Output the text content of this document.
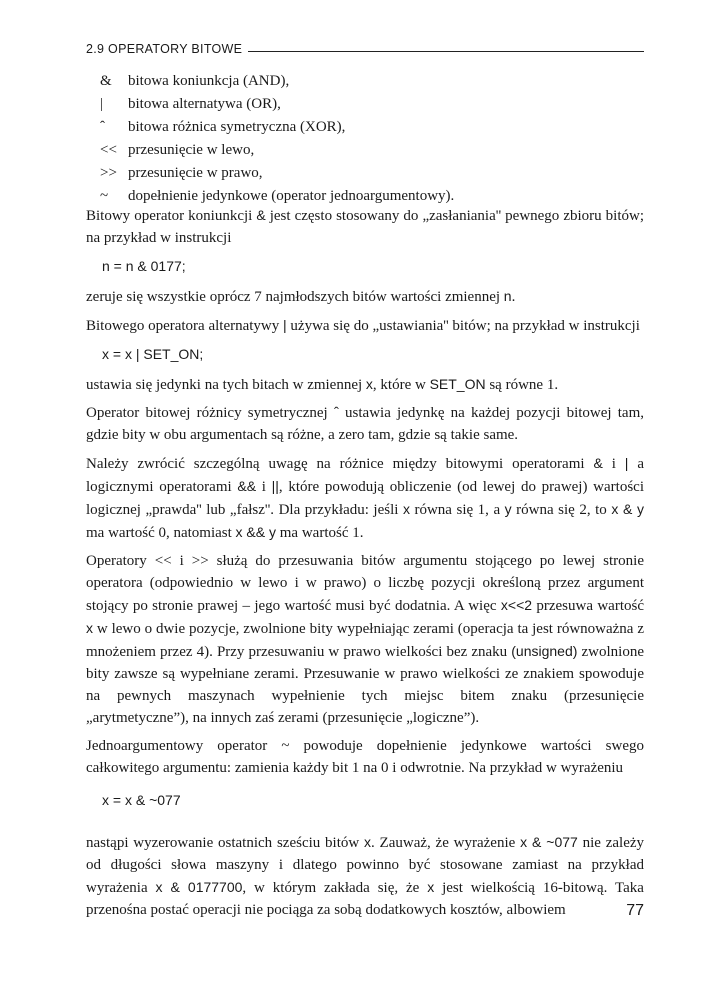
2.9 OPERATORY BITOWE
&	bitowa koniunkcja (AND),
|	bitowa alternatywa (OR),
ˆ	bitowa różnica symetryczna (XOR),
<< przesunięcie w lewo,
>> przesunięcie w prawo,
~	dopełnienie jedynkowe (operator jednoargumentowy).

Bitowy operator koniunkcji & jest często stosowany do „zasłaniania'' pewnego zbioru bitów; na przykład w instrukcji

n = n & 0177;

zeruje się wszystkie oprócz 7 najmłodszych bitów wartości zmiennej n.

Bitowego operatora alternatywy | używa się do „ustawiania'' bitów; na przykład w instrukcji

x = x | SET_ON;

ustawia się jedynki na tych bitach w zmiennej x, które w SET_ON są równe 1.

Operator bitowej różnicy symetrycznej ˆ ustawia jedynkę na każdej pozycji bitowej tam, gdzie bity w obu argumentach są różne, a zero tam, gdzie są takie same.

Należy zwrócić szczególną uwagę na różnice między bitowymi operatorami & i | a logicznymi operatorami && i ||, które powodują obliczenie (od lewej do prawej) wartości logicznej „prawda'' lub „fałsz''. Dla przykładu: jeśli x równa się 1, a y równa się 2, to x & y ma wartość 0, natomiast x && y ma wartość 1.

Operatory << i >> służą do przesuwania bitów argumentu stojącego po lewej stronie operatora (odpowiednio w lewo i w prawo) o liczbę pozycji określoną przez argument stojący po stronie prawej – jego wartość musi być dodatnia. A więc x<<2 przesuwa wartość x w lewo o dwie pozycje, zwolnione bity wypełniając zerami (operacja ta jest równoważna z mnożeniem przez 4). Przy przesuwaniu w prawo wielkości bez znaku (unsigned) zwolnione bity zawsze są wypełniane zerami. Przesuwanie w prawo wielkości ze znakiem spowoduje na pewnych maszynach wypełnienie tych miejsc bitem znaku (przesunięcie „arytmetyczne”), na innych zaś zerami (przesunięcie „logiczne”).

Jednoargumentowy operator ~ powoduje dopełnienie jedynkowe wartości swego całkowitego argumentu: zamienia każdy bit 1 na 0 i odwrotnie. Na przykład w wyrażeniu

x = x & ~077

nastąpi wyzerowanie ostatnich sześciu bitów x. Zauważ, że wyrażenie x & ~077 nie zależy od długości słowa maszyny i dlatego powinno być stosowane zamiast na przykład wyrażenia x & 0177700, w którym zakłada się, że x jest wielkością 16-bitową. Taka przenośna postać operacji nie pociąga za sobą dodatkowych kosztów, albowiem	77
